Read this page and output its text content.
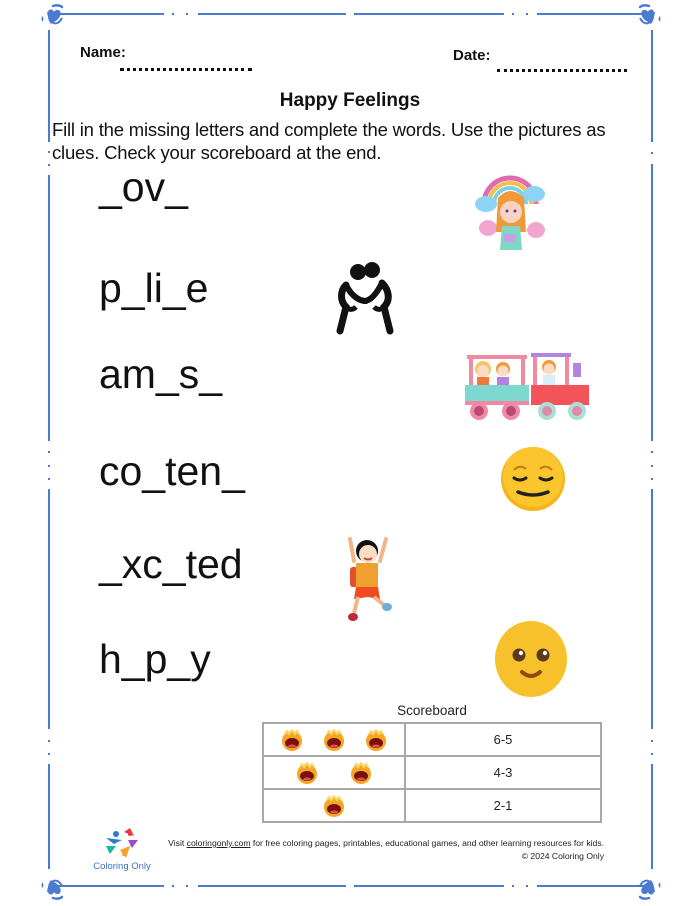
Name:	Date:
Happy Feelings
Fill in the missing letters and complete the words. Use the pictures as clues. Check your scoreboard at the end.
_ov_
p_li_e
am_s_
co_ten_
_xc_ted
h_p_y
Scoreboard
	6-5
	4-3
	2-1
Coloring Only
Visit coloringonly.com for free coloring pages, printables, educational games, and other learning resources for kids.
© 2024 Coloring Only
